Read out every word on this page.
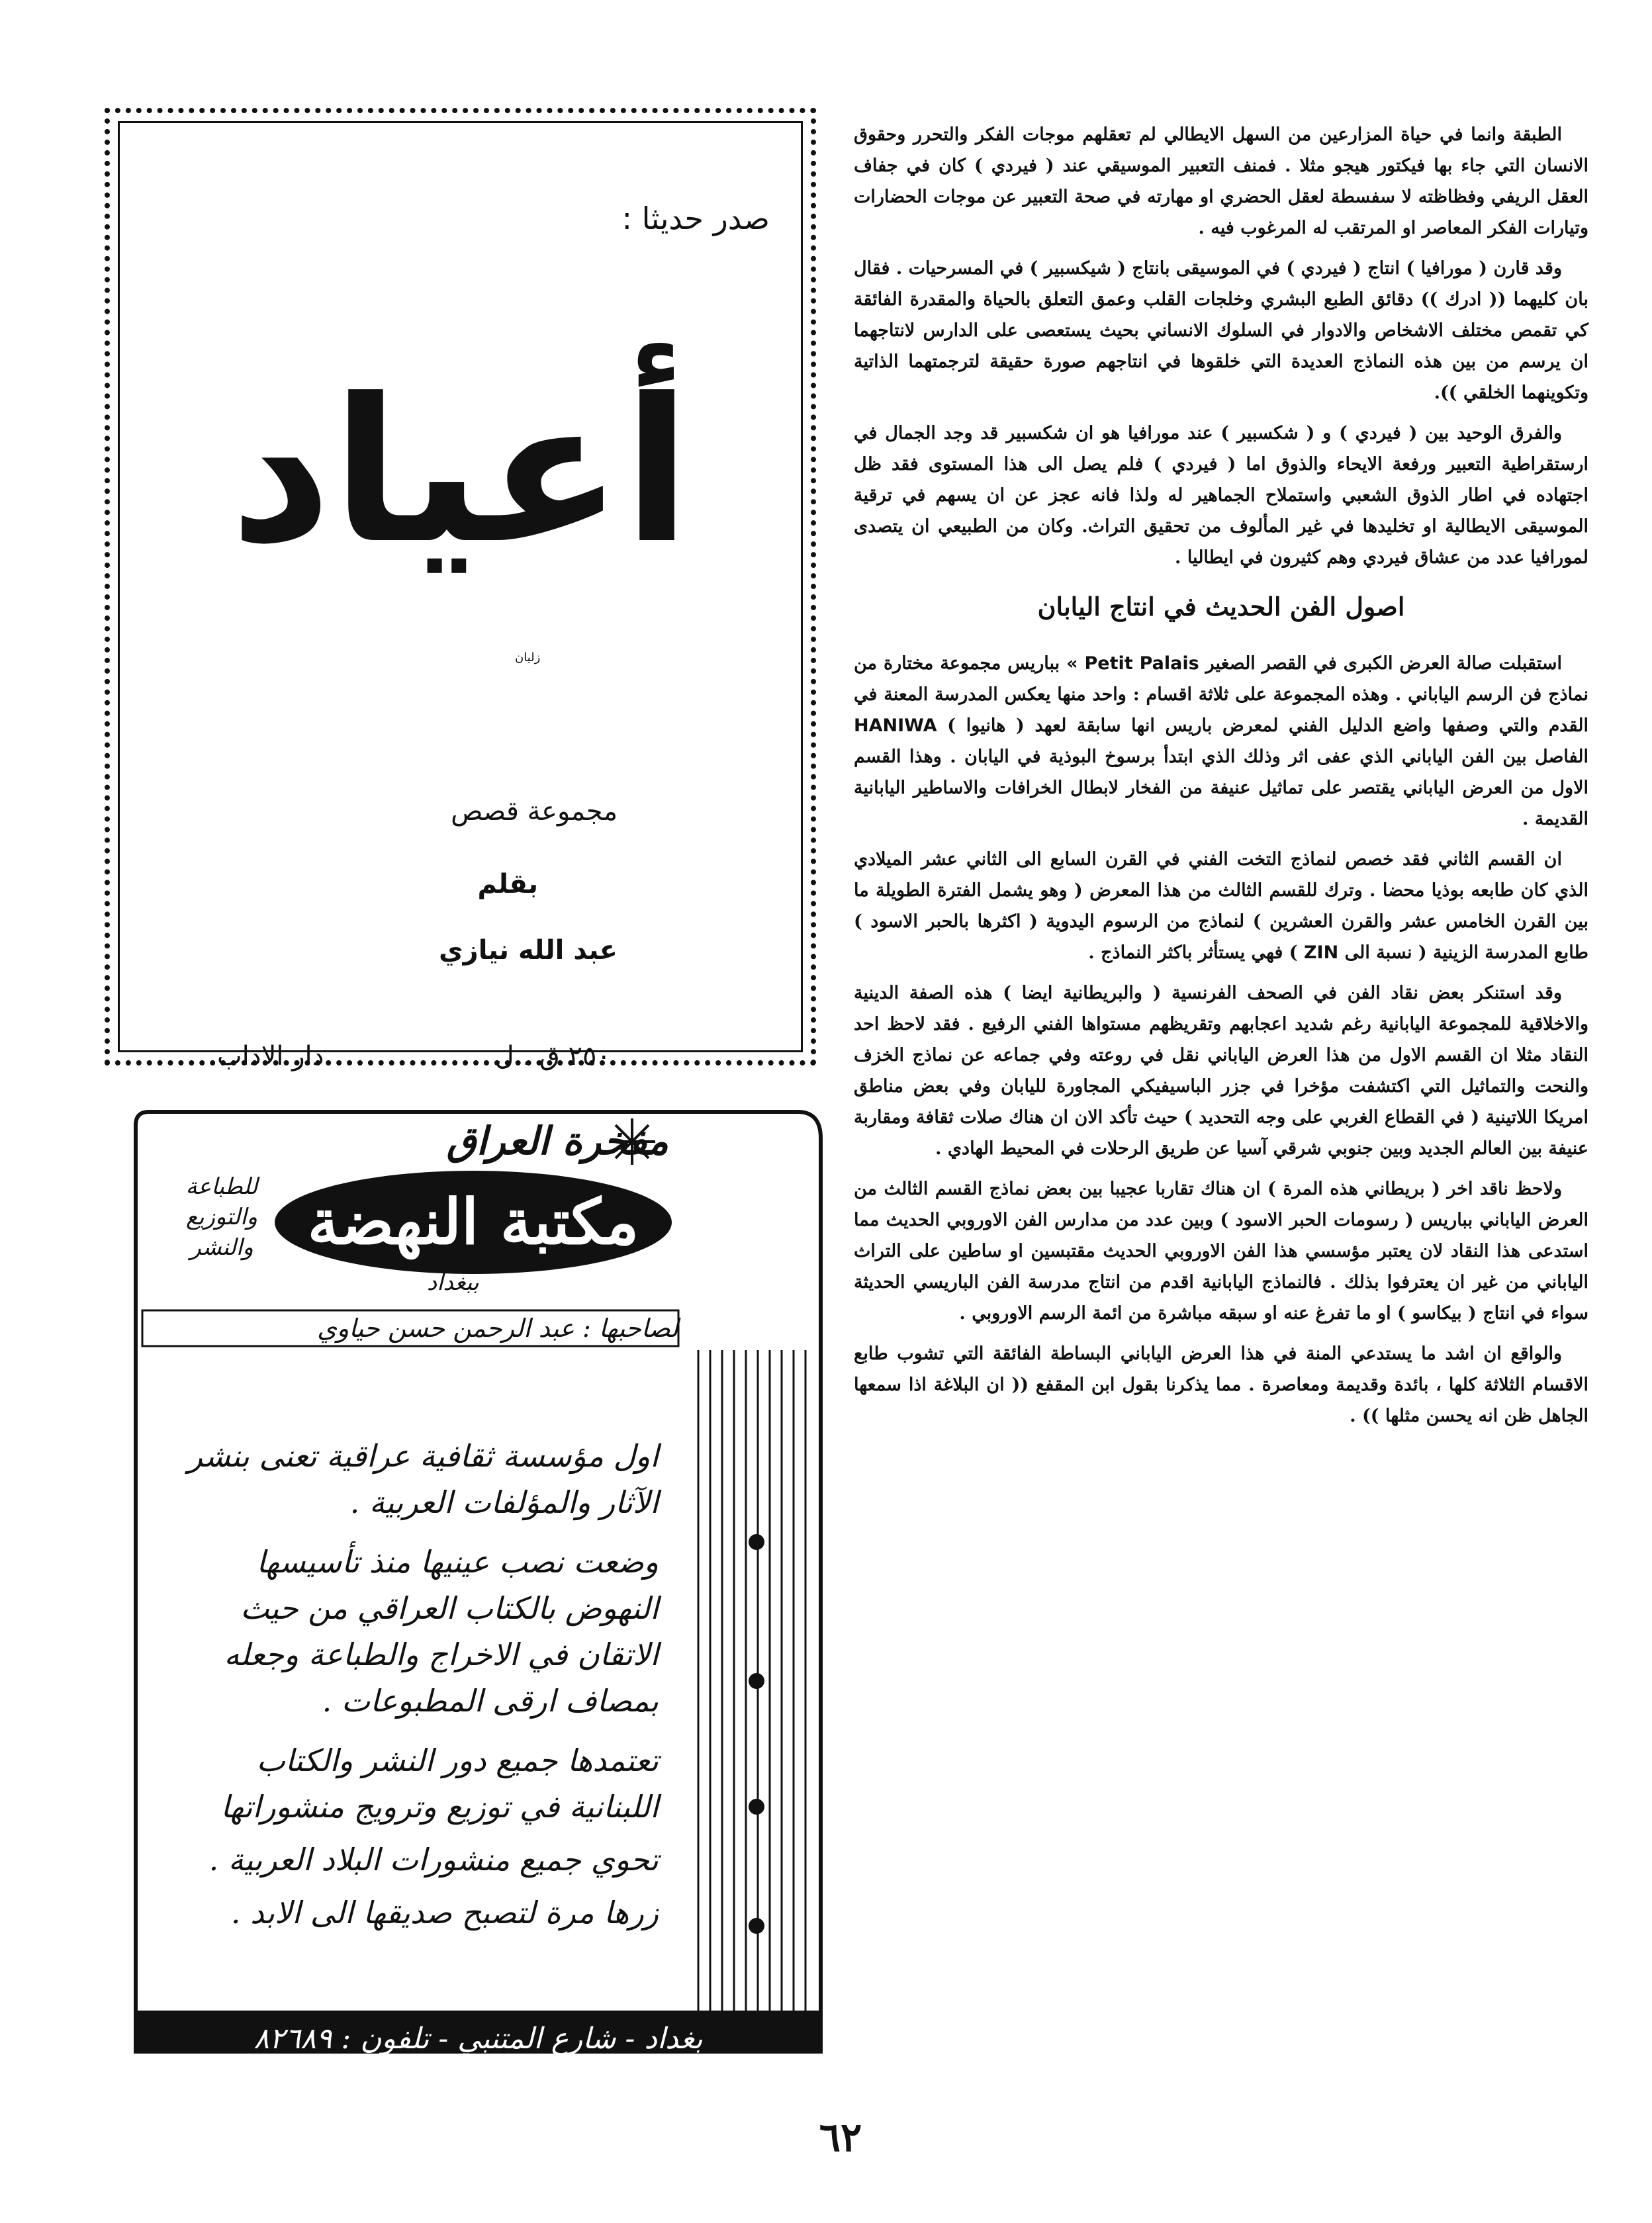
الطبقة وانما في حياة المزارعين من السهل الايطالي لم تعقلهم موجات الفكر والتحرر وحقوق الانسان التي جاء بها فيكتور هيجو مثلا . فمنف التعبير الموسيقي عند ( فيردي ) كان في جفاف العقل الريفي وفظاظته لا سفسطة لعقل الحضري او مهارته في صحة التعبير عن موجات الحضارات وتيارات الفكر المعاصر او المرتقب له المرغوب فيه .

وقد قارن ( مورافيا ) انتاج ( فيردي ) في الموسيقى بانتاج ( شيكسبير ) في المسرحيات . فقال بان كليهما (( ادرك )) دقائق الطبع البشري وخلجات القلب وعمق التعلق بالحياة والمقدرة الفائقة كي تقمص مختلف الاشخاص والادوار في السلوك الانساني بحيث يستعصى على الدارس لانتاجهما ان يرسم من بين هذه النماذج العديدة التي خلقوها في انتاجهم صورة حقيقة لترجمتهما الذاتية وتكوينهما الخلقي )).

والفرق الوحيد بين ( فيردي ) و ( شكسبير ) عند مورافيا هو ان شكسبير قد وجد الجمال في ارستقراطية التعبير ورفعة الايحاء والذوق اما ( فيردي ) فلم يصل الى هذا المستوى فقد ظل اجتهاده في اطار الذوق الشعبي واستملاح الجماهير له ولذا فانه عجز عن ان يسهم في ترقية الموسيقى الايطالية او تخليدها في غير المألوف من تحقيق التراث. وكان من الطبيعي ان يتصدى لمورافيا عدد من عشاق فيردي وهم كثيرون في ايطاليا .

اصول الفن الحديث في انتاج اليابان

استقبلت صالة العرض الكبرى في القصر الصغير « Petit Palais بباريس مجموعة مختارة من نماذج فن الرسم الياباني . وهذه المجموعة على ثلاثة اقسام : واحد منها يعكس المدرسة المعنة في القدم والتي وصفها واضع الدليل الفني لمعرض باريس انها سابقة لعهد ( هانيوا ) HANIWA الفاصل بين الفن الياباني الذي عفى اثر وذلك الذي ابتدأ برسوخ البوذية في اليابان . وهذا القسم الاول من العرض الياباني يقتصر على تماثيل عنيفة من الفخار لابطال الخرافات والاساطير اليابانية القديمة .

ان القسم الثاني فقد خصص لنماذج التخت الفني في القرن السابع الى الثاني عشر الميلادي الذي كان طابعه بوذيا محضا . وترك للقسم الثالث من هذا المعرض ( وهو يشمل الفترة الطويلة ما بين القرن الخامس عشر والقرن العشرين ) لنماذج من الرسوم اليدوية ( اكثرها بالحبر الاسود ) طابع المدرسة الزينية ( نسبة الى ZIN ) فهي يستأثر باكثر النماذج .

وقد استنكر بعض نقاد الفن في الصحف الفرنسية ( والبريطانية ايضا ) هذه الصفة الدينية والاخلاقية للمجموعة اليابانية رغم شديد اعجابهم وتقريظهم مستواها الفني الرفيع . فقد لاحظ احد النقاد مثلا ان القسم الاول من هذا العرض الياباني نقل في روعته وفي جماعه عن نماذج الخزف والنحت والتماثيل التي اكتشفت مؤخرا في جزر الباسيفيكي المجاورة لليابان وفي بعض مناطق امريكا اللاتينية ( في القطاع الغربي على وجه التحديد ) حيث تأكد الان ان هناك صلات ثقافة ومقاربة عنيفة بين العالم الجديد وبين جنوبي شرقي آسيا عن طريق الرحلات في المحيط الهادي .

ولاحظ ناقد اخر ( بريطاني هذه المرة ) ان هناك تقاربا عجيبا بين بعض نماذج القسم الثالث من العرض الياباني بباريس ( رسومات الحبر الاسود ) وبين عدد من مدارس الفن الاوروبي الحديث مما استدعى هذا النقاد لان يعتبر مؤسسي هذا الفن الاوروبي الحديث مقتبسين او ساطين على التراث الياباني من غير ان يعترفوا بذلك . فالنماذج اليابانية اقدم من انتاج مدرسة الفن الباريسي الحديثة سواء في انتاج ( بيكاسو ) او ما تفرغ عنه او سبقه مباشرة من ائمة الرسم الاوروبي .

والواقع ان اشد ما يستدعي المنة في هذا العرض الياباني البساطة الفائقة التي تشوب طابع الاقسام الثلاثة كلها ، بائدة وقديمة ومعاصرة . مما يذكرنا بقول ابن المقفع (( ان البلاغة اذا سمعها الجاهل ظن انه يحسن مثلها )) .

صدر حديثا :
أعياد
زليان
مجموعة قصص
بقلم
عبد الله نيازي
٢٥٠ ق . ل
دار الاداب
مفخرة العراق
مكتبة النهضة
ببغداد
للطباعة والتوزيع والنشر
لصاحبها : عبد الرحمن حسن حياوي
اول مؤسسة ثقافية عراقية تعنى بنشر
الآثار والمؤلفات العربية .
وضعت نصب عينيها منذ تأسيسها
النهوض بالكتاب العراقي من حيث
الاتقان في الاخراج والطباعة وجعله
بمصاف ارقى المطبوعات .
تعتمدها جميع دور النشر والكتاب
اللبنانية في توزيع وترويج منشوراتها
تحوي جميع منشورات البلاد العربية .
زرها مرة لتصبح صديقها الى الابد .
بغداد - شارع المتنبي - تلفون : ٨٢٦٨٩
٦٢
